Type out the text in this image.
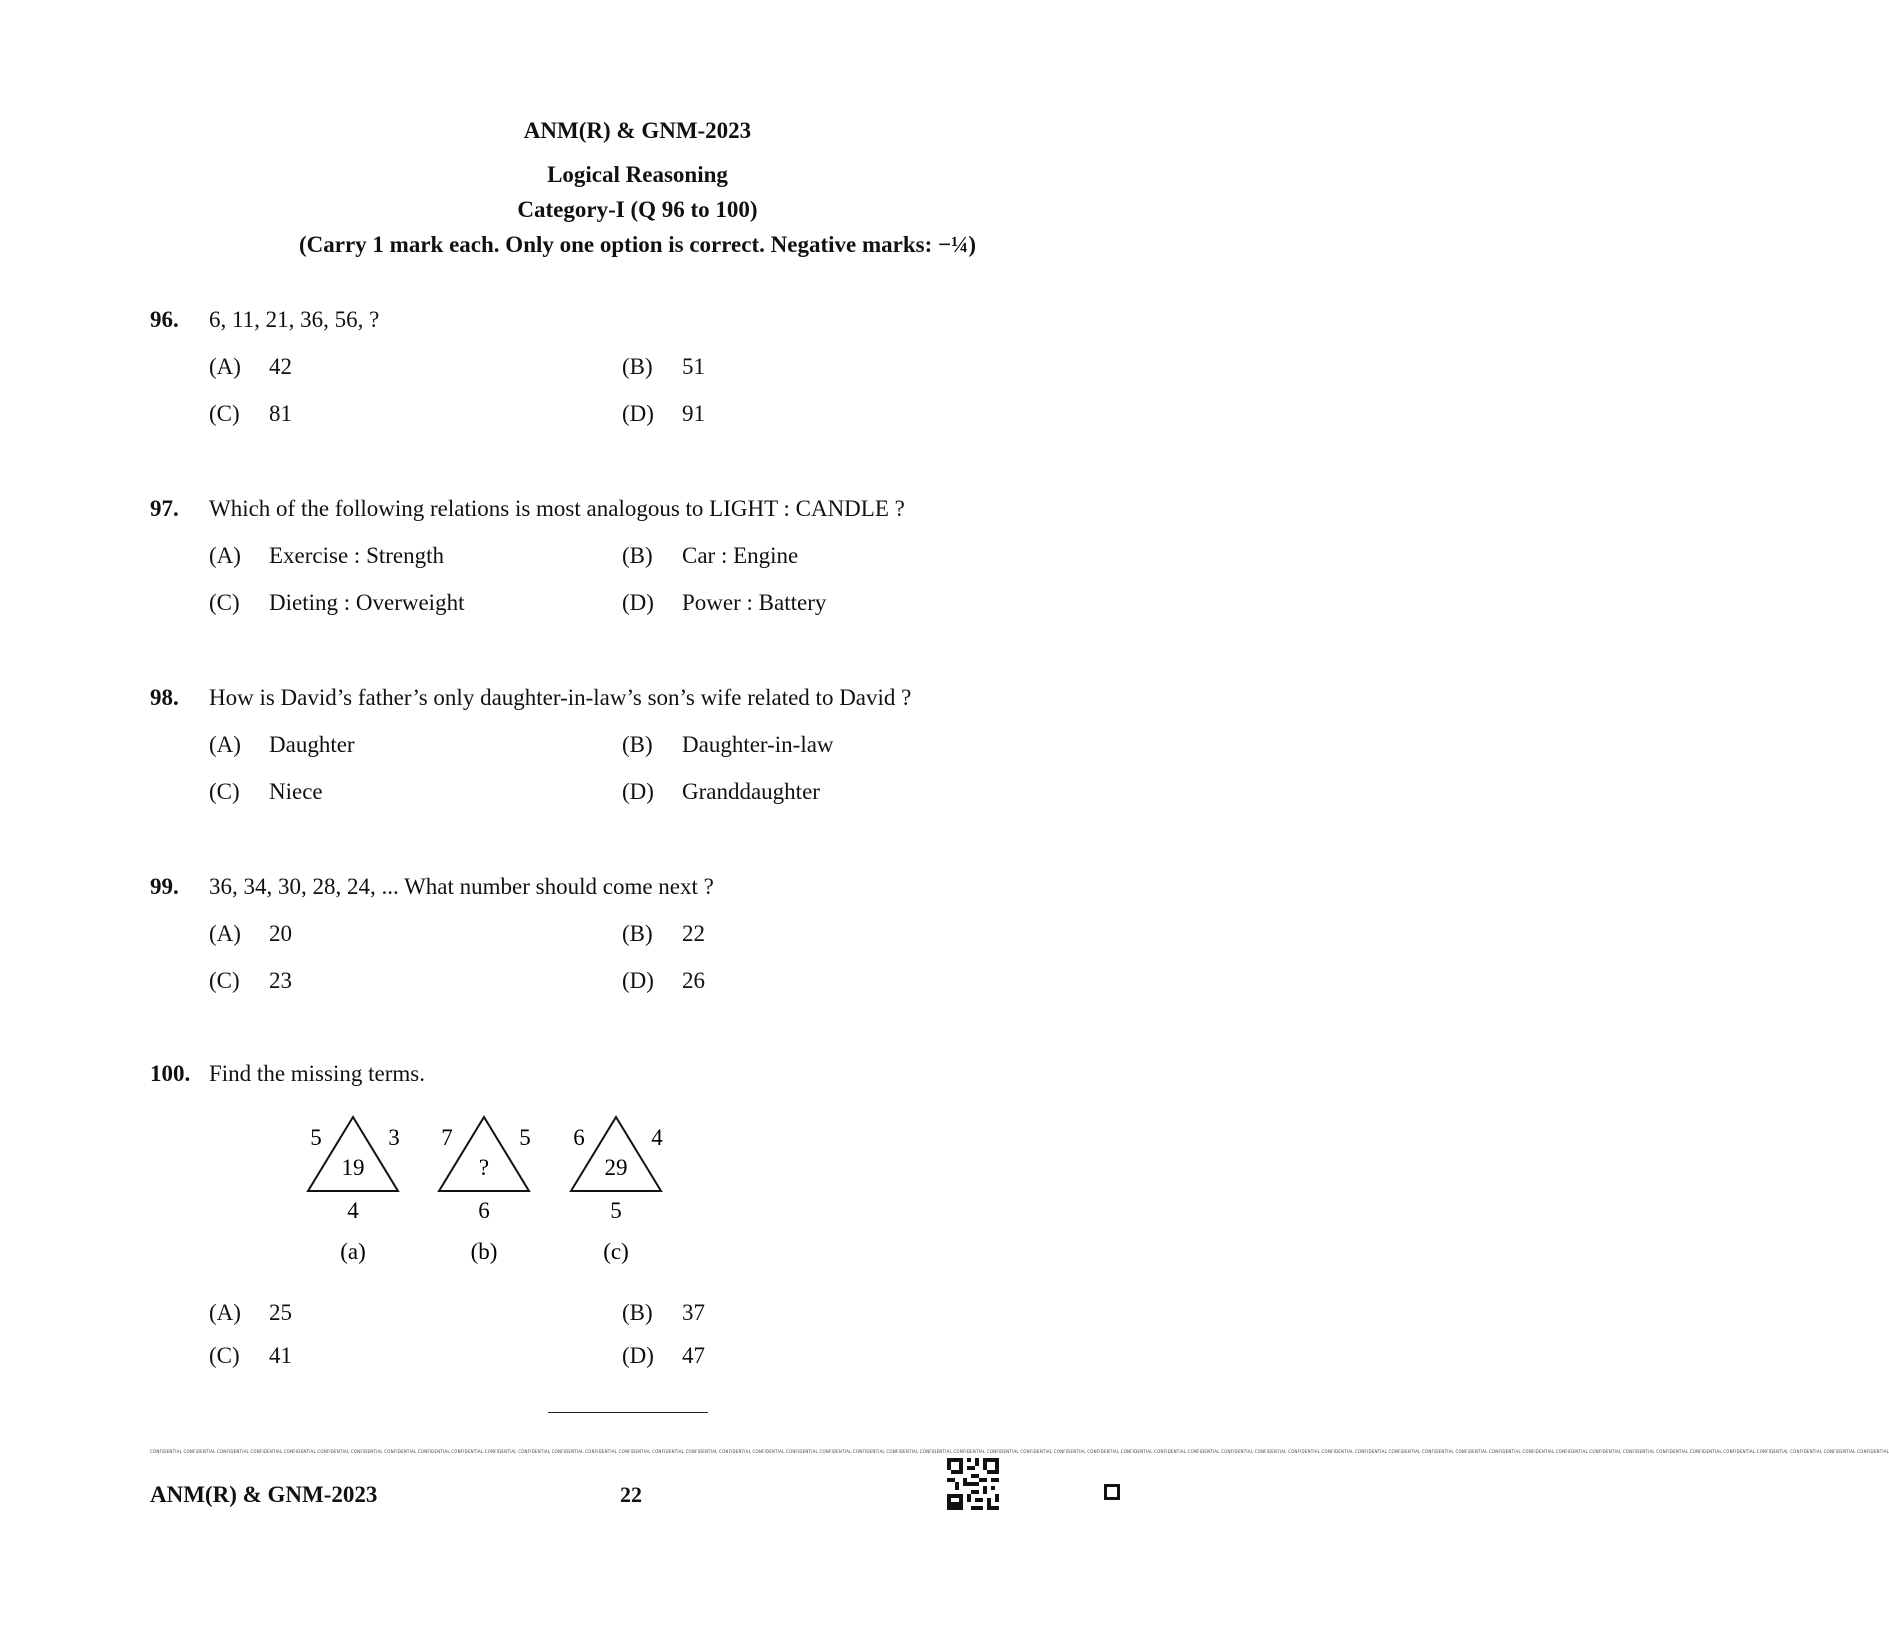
ANM(R) & GNM-2023
Logical Reasoning
Category-I (Q 96 to 100)
(Carry 1 mark each. Only one option is correct. Negative marks: −¼)
96. 6, 11, 21, 36, 56, ?
(A) 42	(B) 51
(C) 81	(D) 91
97. Which of the following relations is most analogous to LIGHT : CANDLE ?
(A) Exercise : Strength	(B) Car : Engine
(C) Dieting : Overweight	(D) Power : Battery
98. How is David’s father’s only daughter-in-law’s son’s wife related to David ?
(A) Daughter	(B) Daughter-in-law
(C) Niece	(D) Granddaughter
99. 36, 34, 30, 28, 24, ... What number should come next ?
(A) 20	(B) 22
(C) 23	(D) 26
100. Find the missing terms.
5	3
19
4
(a)
7	5
?
6
(b)
6	4
29
5
(c)
(A) 25	(B) 37
(C) 41	(D) 47
CONFIDENTIAL CONFIDENTIAL CONFIDENTIAL CONFIDENTIAL CONFIDENTIAL CONFIDENTIAL CONFIDENTIAL CONFIDENTIAL CONFIDENTIAL CONFIDENTIAL CONFIDENTIAL CONFIDENTIAL CONFIDENTIAL CONFIDENTIAL CONFIDENTIAL CONFIDENTIAL CONFIDENTIAL CONFIDENTIAL CONFIDENTIAL CONFIDENTIAL CONFIDENTIAL CONFIDENTIAL CONFIDENTIAL CONFIDENTIAL CONFIDENTIAL CONFIDENTIAL CONFIDENTIAL CONFIDENTIAL CONFIDENTIAL CONFIDENTIAL CONFIDENTIAL CONFIDENTIAL CONFIDENTIAL CONFIDENTIAL CONFIDENTIAL CONFIDENTIAL CONFIDENTIAL CONFIDENTIAL CONFIDENTIAL CONFIDENTIAL CONFIDENTIAL CONFIDENTIAL CONFIDENTIAL CONFIDENTIAL CONFIDENTIAL CONFIDENTIAL CONFIDENTIAL CONFIDENTIAL CONFIDENTIAL CONFIDENTIAL CONFIDENTIAL CONFIDENTIAL
ANM(R) & GNM-2023	22
